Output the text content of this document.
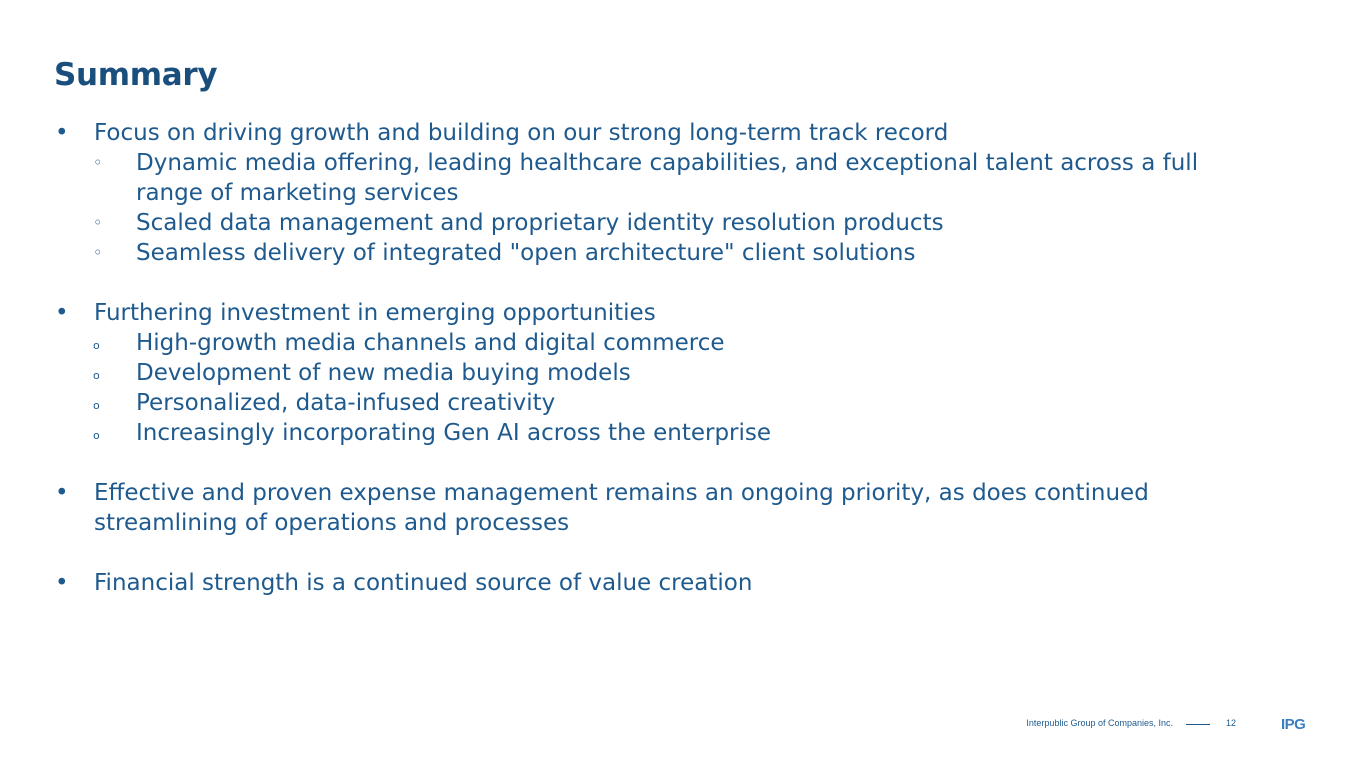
Summary
• Focus on driving growth and building on our strong long-term track record
◦ Dynamic media offering, leading healthcare capabilities, and exceptional talent across a full range of marketing services
◦ Scaled data management and proprietary identity resolution products
◦ Seamless delivery of integrated "open architecture" client solutions
• Furthering investment in emerging opportunities
o High-growth media channels and digital commerce
o Development of new media buying models
o Personalized, data-infused creativity
o Increasingly incorporating Gen AI across the enterprise
• Effective and proven expense management remains an ongoing priority, as does continued streamlining of operations and processes
• Financial strength is a continued source of value creation
Interpublic Group of Companies, Inc.	12	IPG
